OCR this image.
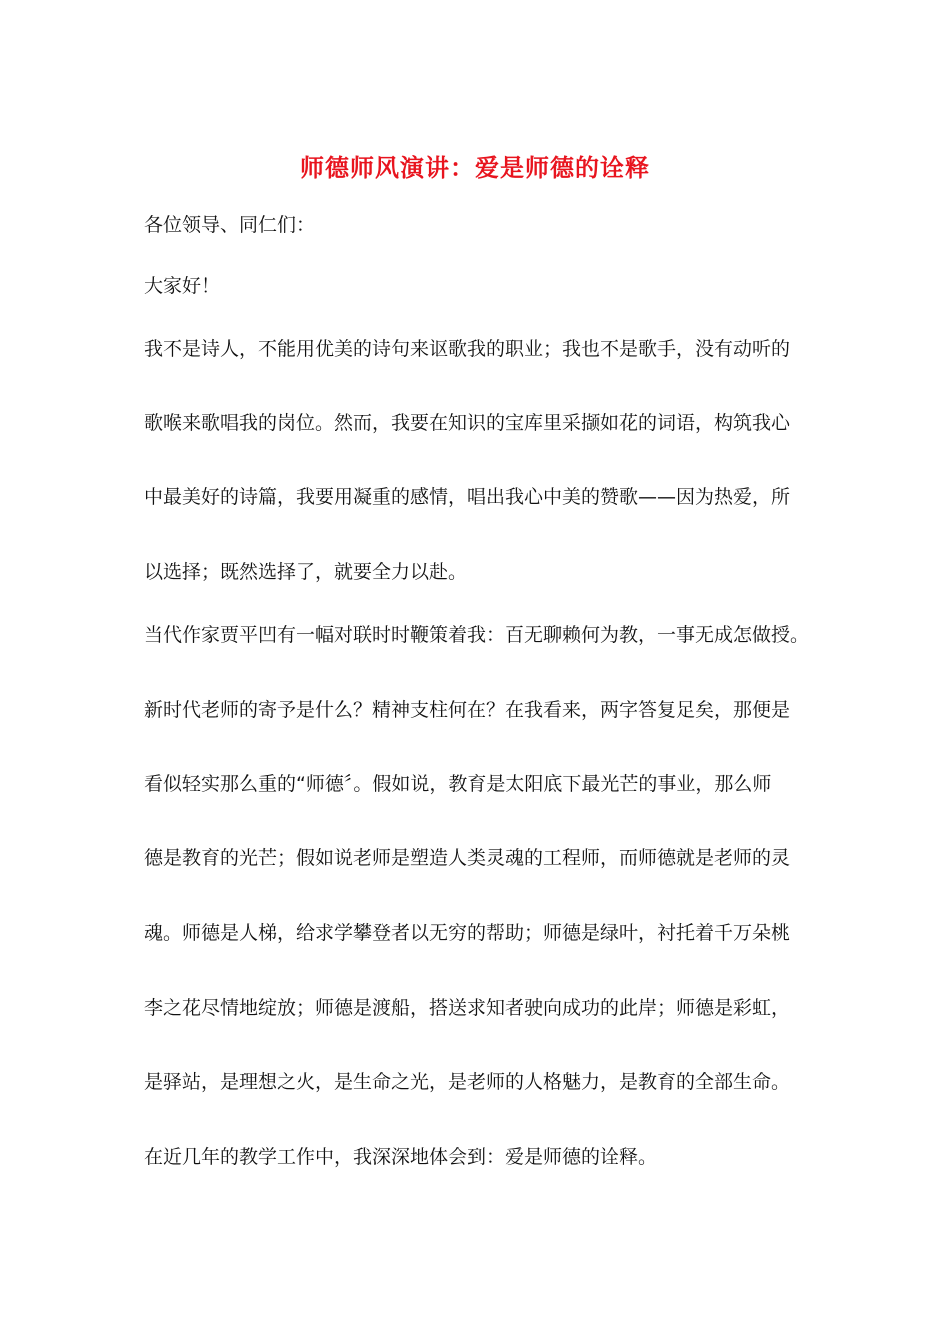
师德师风演讲：爱是师德的诠释

各位领导、同仁们：

大家好！

我不是诗人，不能用优美的诗句来讴歌我的职业；我也不是歌手，没有动听的

歌喉来歌唱我的岗位。然而，我要在知识的宝库里采撷如花的词语，构筑我心

中最美好的诗篇，我要用凝重的感情，唱出我心中美的赞歌——因为热爱，所

以选择；既然选择了，就要全力以赴。

当代作家贾平凹有一幅对联时时鞭策着我：百无聊赖何为教，一事无成怎做授。

新时代老师的寄予是什么？精神支柱何在？在我看来，两字答复足矣，那便是

看似轻实那么重的“师德〞。假如说，教育是太阳底下最光芒的事业，那么师

德是教育的光芒；假如说老师是塑造人类灵魂的工程师，而师德就是老师的灵

魂。师德是人梯，给求学攀登者以无穷的帮助；师德是绿叶，衬托着千万朵桃

李之花尽情地绽放；师德是渡船，搭送求知者驶向成功的此岸；师德是彩虹，

是驿站，是理想之火，是生命之光，是老师的人格魅力，是教育的全部生命。

在近几年的教学工作中，我深深地体会到：爱是师德的诠释。
